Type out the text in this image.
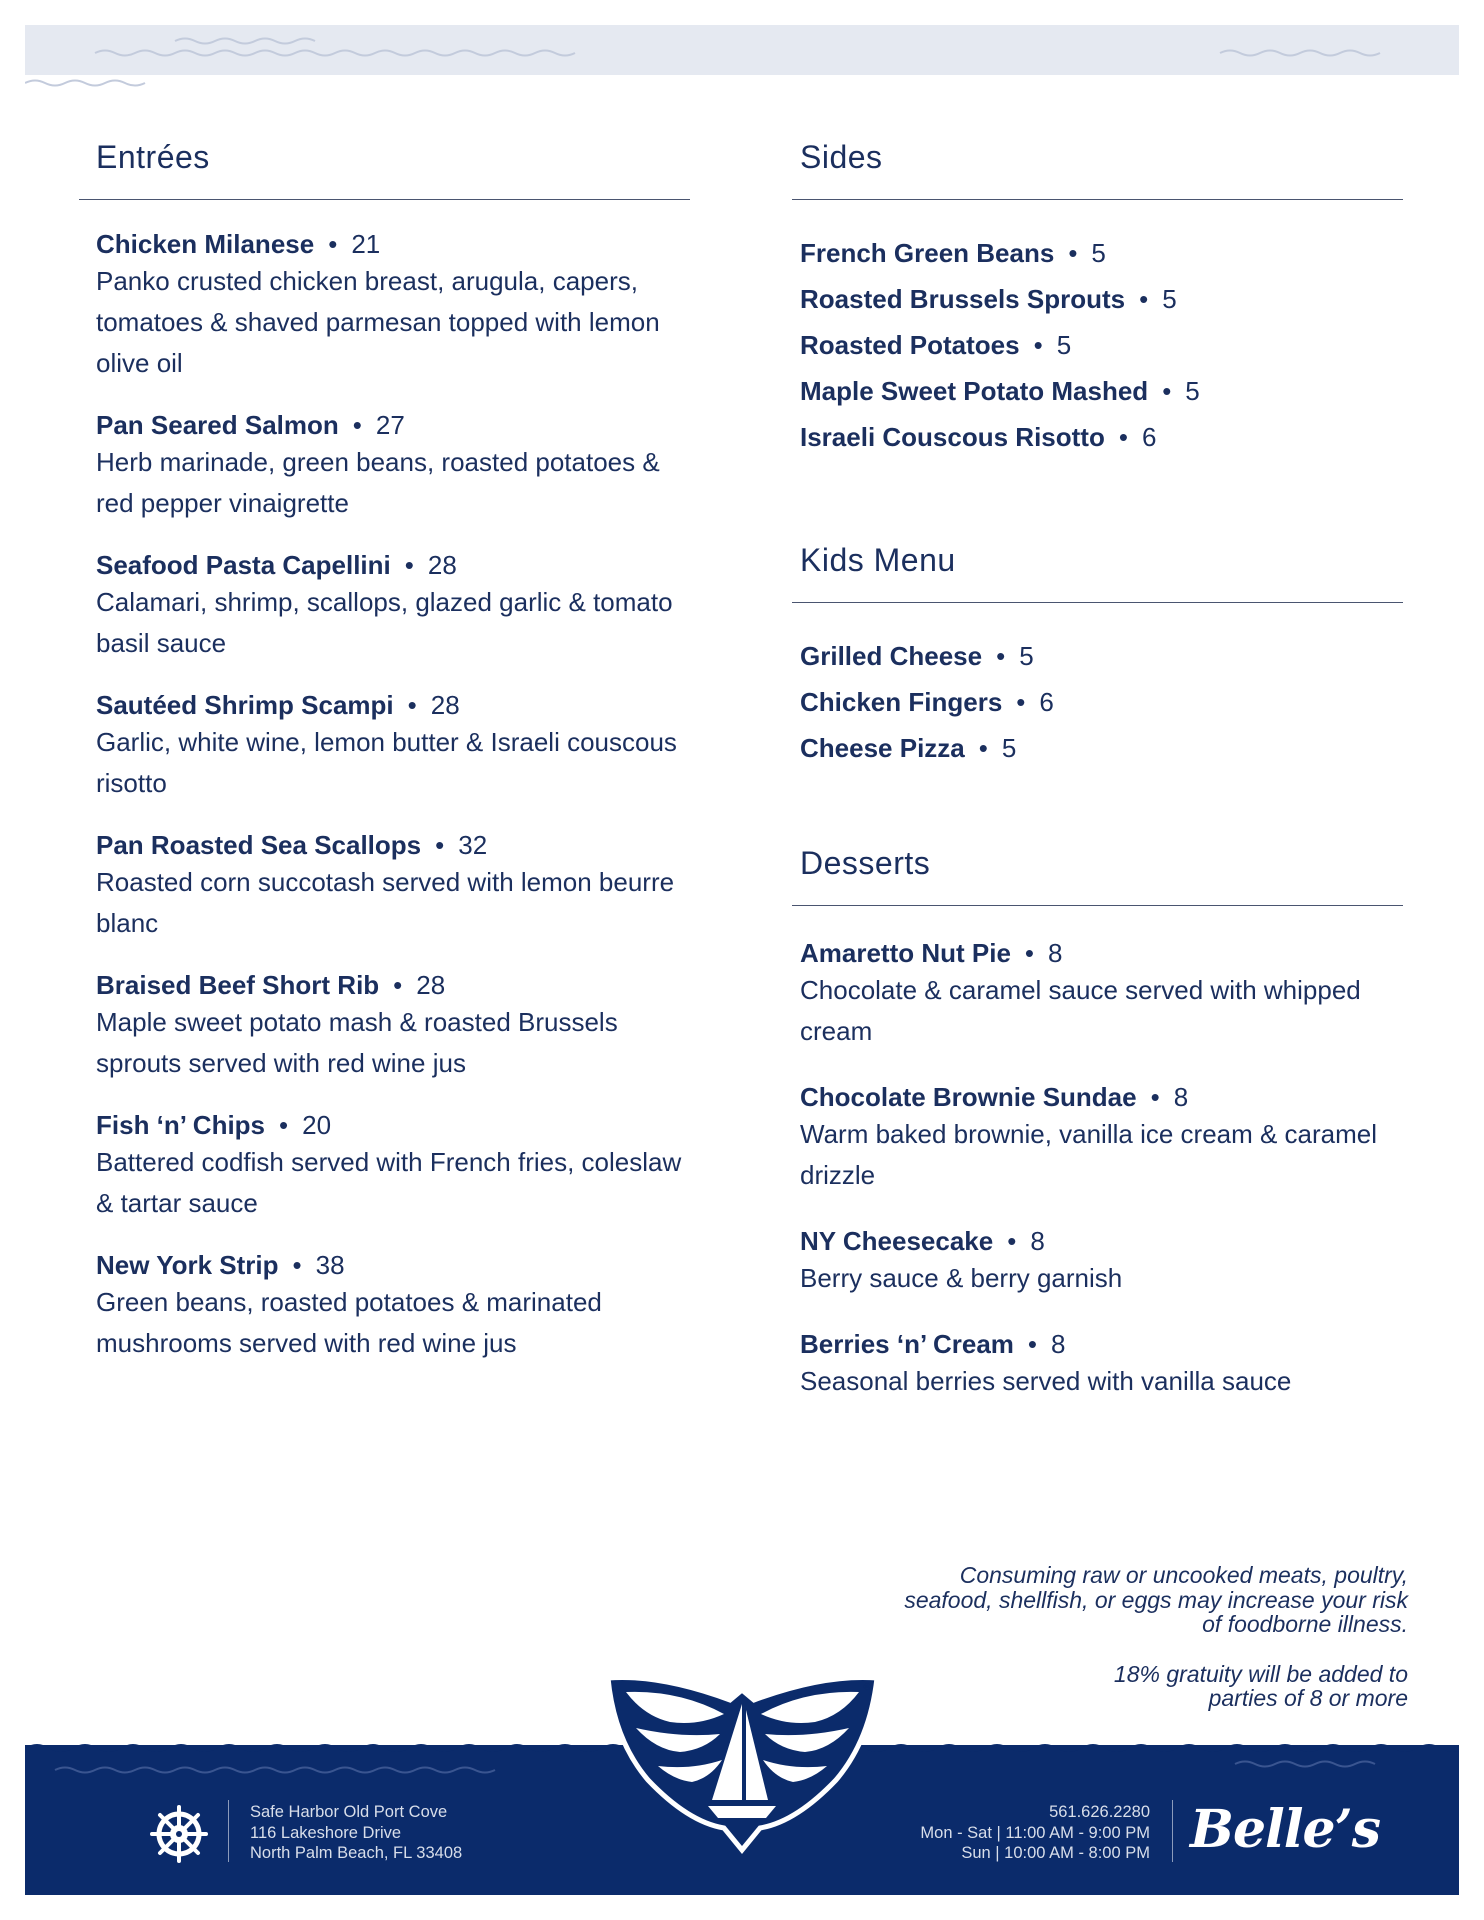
Entrées
Chicken Milanese • 21
Panko crusted chicken breast, arugula, capers, tomatoes & shaved parmesan topped with lemon olive oil
Pan Seared Salmon • 27
Herb marinade, green beans, roasted potatoes & red pepper vinaigrette
Seafood Pasta Capellini • 28
Calamari, shrimp, scallops, glazed garlic & tomato basil sauce
Sautéed Shrimp Scampi • 28
Garlic, white wine, lemon butter & Israeli couscous risotto
Pan Roasted Sea Scallops • 32
Roasted corn succotash served with lemon beurre blanc
Braised Beef Short Rib • 28
Maple sweet potato mash & roasted Brussels sprouts served with red wine jus
Fish ‘n’ Chips • 20
Battered codfish served with French fries, coleslaw & tartar sauce
New York Strip • 38
Green beans, roasted potatoes & marinated mushrooms served with red wine jus
Sides
French Green Beans • 5
Roasted Brussels Sprouts • 5
Roasted Potatoes • 5
Maple Sweet Potato Mashed • 5
Israeli Couscous Risotto • 6
Kids Menu
Grilled Cheese • 5
Chicken Fingers • 6
Cheese Pizza • 5
Desserts
Amaretto Nut Pie • 8
Chocolate & caramel sauce served with whipped cream
Chocolate Brownie Sundae • 8
Warm baked brownie, vanilla ice cream & caramel drizzle
NY Cheesecake • 8
Berry sauce & berry garnish
Berries ‘n’ Cream • 8
Seasonal berries served with vanilla sauce

Consuming raw or uncooked meats, poultry,

seafood, shellfish, or eggs may increase your risk

of foodborne illness.

18% gratuity will be added to

parties of 8 or more

®
Safe Harbor Old Port Cove
116 Lakeshore Drive
North Palm Beach, FL 33408
561.626.2280
Mon - Sat | 11:00 AM - 9:00 PM
Sun | 10:00 AM - 8:00 PM Belle’s
